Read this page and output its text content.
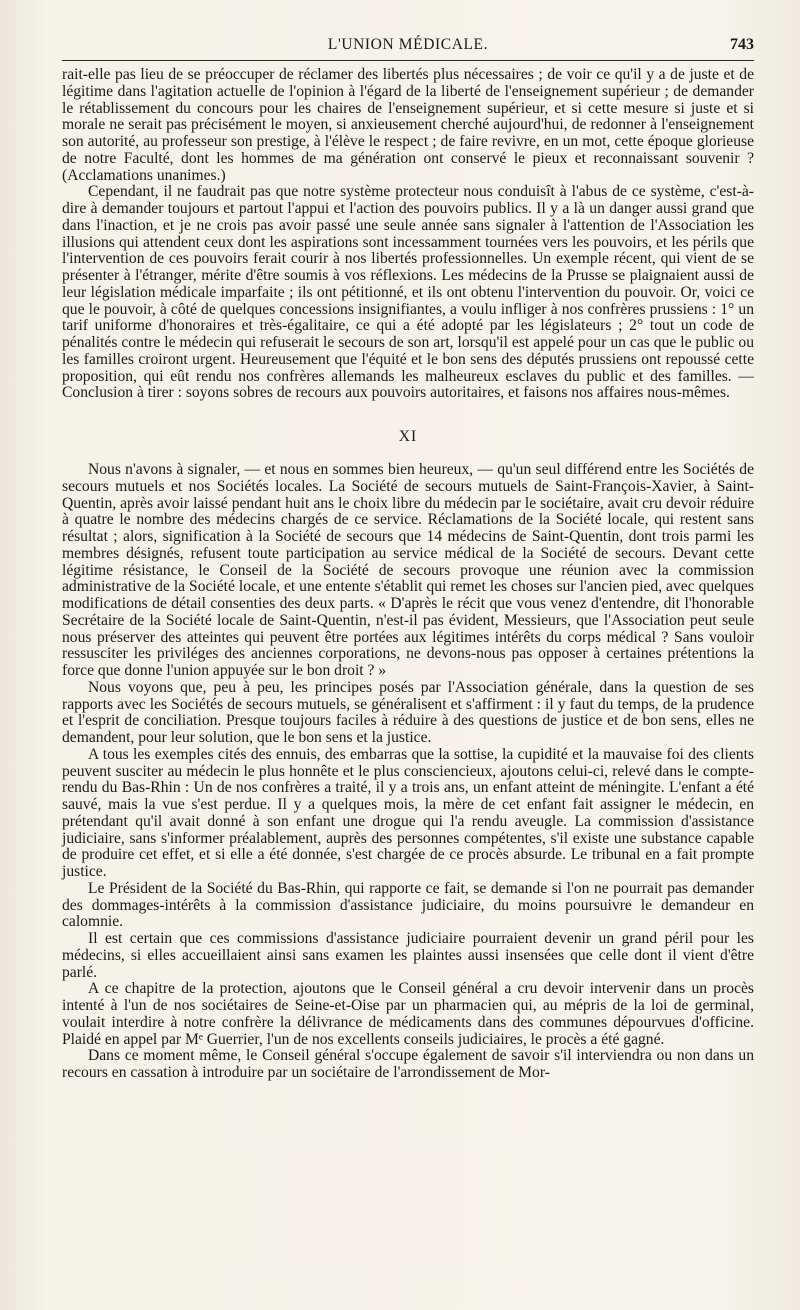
L'UNION MÉDICALE.	743

rait-elle pas lieu de se préoccuper de réclamer des libertés plus nécessaires ; de voir ce qu'il y a de juste et de légitime dans l'agitation actuelle de l'opinion à l'égard de la liberté de l'enseignement supérieur ; de demander le rétablissement du concours pour les chaires de l'enseignement supérieur, et si cette mesure si juste et si morale ne serait pas précisément le moyen, si anxieusement cherché aujourd'hui, de redonner à l'enseignement son autorité, au professeur son prestige, à l'élève le respect ; de faire revivre, en un mot, cette époque glorieuse de notre Faculté, dont les hommes de ma génération ont conservé le pieux et reconnaissant souvenir ? (Acclamations unanimes.)

Cependant, il ne faudrait pas que notre système protecteur nous conduisît à l'abus de ce système, c'est-à-dire à demander toujours et partout l'appui et l'action des pouvoirs publics. Il y a là un danger aussi grand que dans l'inaction, et je ne crois pas avoir passé une seule année sans signaler à l'attention de l'Association les illusions qui attendent ceux dont les aspirations sont incessamment tournées vers les pouvoirs, et les périls que l'intervention de ces pouvoirs ferait courir à nos libertés professionnelles. Un exemple récent, qui vient de se présenter à l'étranger, mérite d'être soumis à vos réflexions. Les médecins de la Prusse se plaignaient aussi de leur législation médicale imparfaite ; ils ont pétitionné, et ils ont obtenu l'intervention du pouvoir. Or, voici ce que le pouvoir, à côté de quelques concessions insignifiantes, a voulu infliger à nos confrères prussiens : 1° un tarif uniforme d'honoraires et très-égalitaire, ce qui a été adopté par les législateurs ; 2° tout un code de pénalités contre le médecin qui refuserait le secours de son art, lorsqu'il est appelé pour un cas que le public ou les familles croiront urgent. Heureusement que l'équité et le bon sens des députés prussiens ont repoussé cette proposition, qui eût rendu nos confrères allemands les malheureux esclaves du public et des familles. — Conclusion à tirer : soyons sobres de recours aux pouvoirs autoritaires, et faisons nos affaires nous-mêmes.

XI

Nous n'avons à signaler, — et nous en sommes bien heureux, — qu'un seul différend entre les Sociétés de secours mutuels et nos Sociétés locales. La Société de secours mutuels de Saint-François-Xavier, à Saint-Quentin, après avoir laissé pendant huit ans le choix libre du médecin par le sociétaire, avait cru devoir réduire à quatre le nombre des médecins chargés de ce service. Réclamations de la Société locale, qui restent sans résultat ; alors, signification à la Société de secours que 14 médecins de Saint-Quentin, dont trois parmi les membres désignés, refusent toute participation au service médical de la Société de secours. Devant cette légitime résistance, le Conseil de la Société de secours provoque une réunion avec la commission administrative de la Société locale, et une entente s'établit qui remet les choses sur l'ancien pied, avec quelques modifications de détail consenties des deux parts. « D'après le récit que vous venez d'entendre, dit l'honorable Secrétaire de la Société locale de Saint-Quentin, n'est-il pas évident, Messieurs, que l'Association peut seule nous préserver des atteintes qui peuvent être portées aux légitimes intérêts du corps médical ? Sans vouloir ressusciter les priviléges des anciennes corporations, ne devons-nous pas opposer à certaines prétentions la force que donne l'union appuyée sur le bon droit ? »

Nous voyons que, peu à peu, les principes posés par l'Association générale, dans la question de ses rapports avec les Sociétés de secours mutuels, se généralisent et s'affirment : il y faut du temps, de la prudence et l'esprit de conciliation. Presque toujours faciles à réduire à des questions de justice et de bon sens, elles ne demandent, pour leur solution, que le bon sens et la justice.

A tous les exemples cités des ennuis, des embarras que la sottise, la cupidité et la mauvaise foi des clients peuvent susciter au médecin le plus honnête et le plus consciencieux, ajoutons celui-ci, relevé dans le compte-rendu du Bas-Rhin : Un de nos confrères a traité, il y a trois ans, un enfant atteint de méningite. L'enfant a été sauvé, mais la vue s'est perdue. Il y a quelques mois, la mère de cet enfant fait assigner le médecin, en prétendant qu'il avait donné à son enfant une drogue qui l'a rendu aveugle. La commission d'assistance judiciaire, sans s'informer préalablement, auprès des personnes compétentes, s'il existe une substance capable de produire cet effet, et si elle a été donnée, s'est chargée de ce procès absurde. Le tribunal en a fait prompte justice.

Le Président de la Société du Bas-Rhin, qui rapporte ce fait, se demande si l'on ne pourrait pas demander des dommages-intérêts à la commission d'assistance judiciaire, du moins poursuivre le demandeur en calomnie.

Il est certain que ces commissions d'assistance judiciaire pourraient devenir un grand péril pour les médecins, si elles accueillaient ainsi sans examen les plaintes aussi insensées que celle dont il vient d'être parlé.

A ce chapitre de la protection, ajoutons que le Conseil général a cru devoir intervenir dans un procès intenté à l'un de nos sociétaires de Seine-et-Oise par un pharmacien qui, au mépris de la loi de germinal, voulait interdire à notre confrère la délivrance de médicaments dans des communes dépourvues d'officine. Plaidé en appel par Mᵉ Guerrier, l'un de nos excellents conseils judiciaires, le procès a été gagné.

Dans ce moment même, le Conseil général s'occupe également de savoir s'il interviendra ou non dans un recours en cassation à introduire par un sociétaire de l'arrondissement de Mor-
